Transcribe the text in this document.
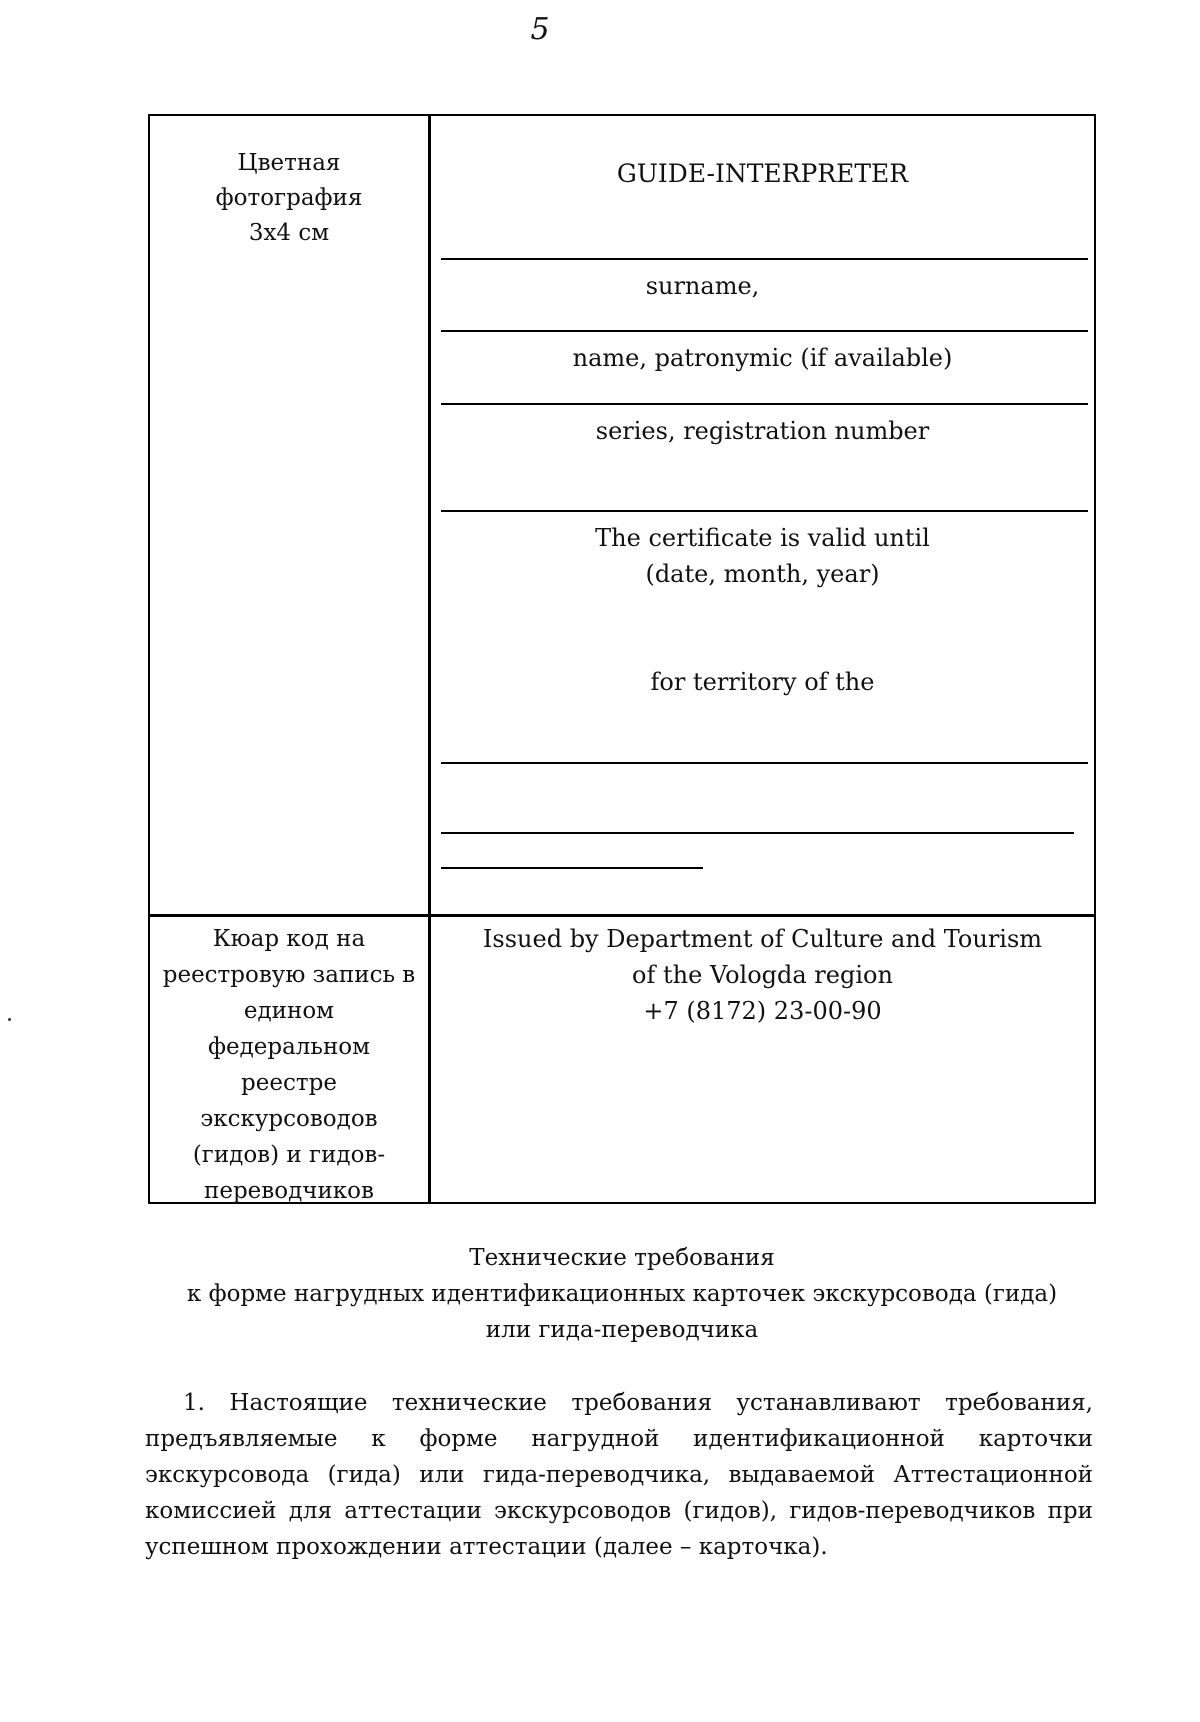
5
Цветная
фотография
3x4 см
GUIDE-INTERPRETER
surname,
name, patronymic (if available)
series, registration number
The certificate is valid until
(date, month, year)
for territory of the
Кюар код на
реестровую запись в
едином
федеральном
реестре
экскурсоводов
(гидов) и гидов-
переводчиков
Issued by Department of Culture and Tourism
of the Vologda region
+7 (8172) 23-00-90
Технические требования
к форме нагрудных идентификационных карточек экскурсовода (гида)
или гида-переводчика
1. Настоящие технические требования устанавливают требования,
предъявляемые к форме нагрудной идентификационной карточки
экскурсовода (гида) или гида-переводчика, выдаваемой Аттестационной
комиссией для аттестации экскурсоводов (гидов), гидов-переводчиков при
успешном прохождении аттестации (далее – карточка).
